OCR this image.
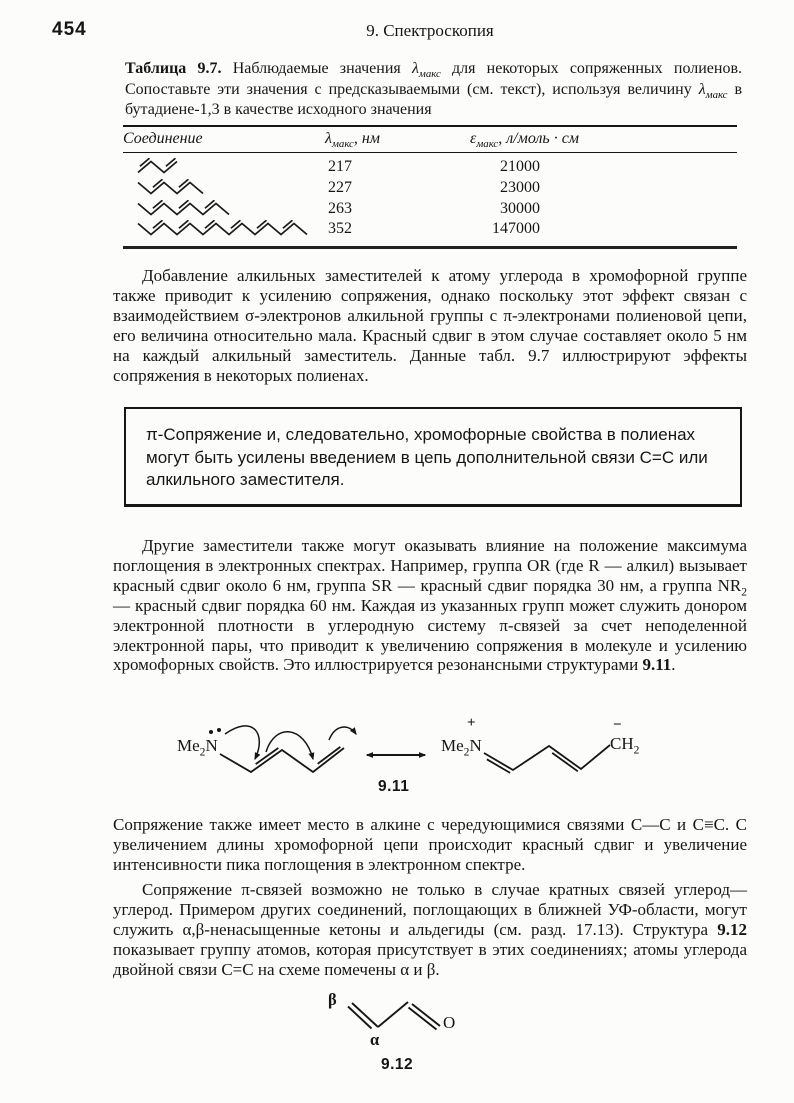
454	9. Спектроскопия
Таблица 9.7. Наблюдаемые значения $\lambda_{макс}$ для некоторых сопряженных полиенов. Сопоставьте эти значения с предсказываемыми (см. текст), используя величину $\lambda_{макс}$ в бутадиене-1,3 в качестве исходного значения
Соединение	$\lambda_{макс}$, нм	$\varepsilon_{макс}$, л/моль · см
217	21000
227	23000
263	30000
352	147000
Добавление алкильных заместителей к атому углерода в хромофорной группе также приводит к усилению сопряжения, однако поскольку этот эффект связан с взаимодействием σ-электронов алкильной группы с π-электронами полиеновой цепи, его величина относительно мала. Красный сдвиг в этом случае составляет около 5 нм на каждый алкильный заместитель. Данные табл. 9.7 иллюстрируют эффекты сопряжения в некоторых полиенах.
π-Сопряжение и, следовательно, хромофорные свойства в полиенах могут быть усилены введением в цепь дополнительной связи C=C или алкильного заместителя.
Другие заместители также могут оказывать влияние на положение максимума поглощения в электронных спектрах. Например, группа OR (где R — алкил) вызывает красный сдвиг около 6 нм, группа SR — красный сдвиг порядка 30 нм, а группа $NR_2$ — красный сдвиг порядка 60 нм. Каждая из указанных групп может служить донором электронной плотности в углеродную систему π-связей за счет неподеленной электронной пары, что приводит к увеличению сопряжения в молекуле и усилению хромофорных свойств. Это иллюстрируется резонансными структурами 9.11.
$Me_2N$	$Me_2N$
+	−
$CH_2$
9.11
Сопряжение также имеет место в алкине с чередующимися связями C—C и C≡C. С увеличением длины хромофорной цепи происходит красный сдвиг и увеличение интенсивности пика поглощения в электронном спектре.
Сопряжение π-связей возможно не только в случае кратных связей углерод—углерод. Примером других соединений, поглощающих в ближней УФ-области, могут служить α,β-ненасыщенные кетоны и альдегиды (см. разд. 17.13). Структура 9.12 показывает группу атомов, которая присутствует в этих соединениях; атомы углерода двойной связи C=C на схеме помечены α и β.
β
α
O
9.12
